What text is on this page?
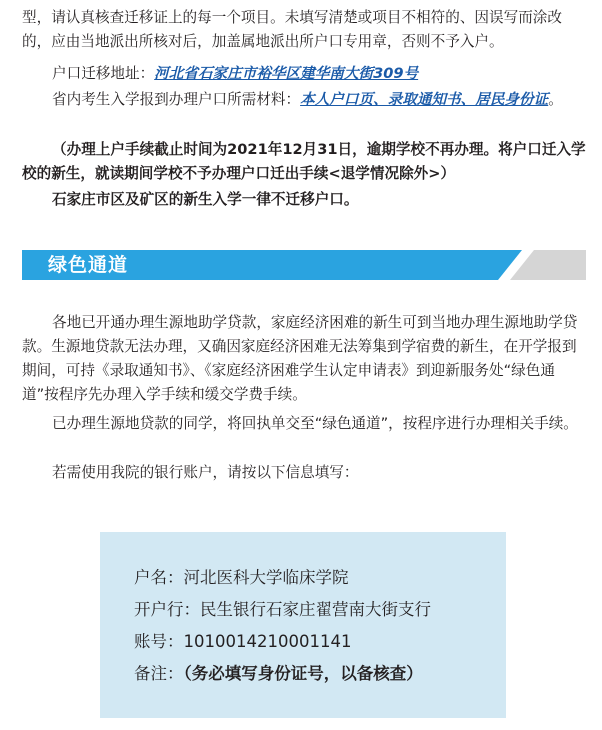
型，请认真核查迁移证上的每一个项目。未填写清楚或项目不相符的、因误写而涂改的，应由当地派出所核对后，加盖属地派出所户口专用章，否则不予入户。

户口迁移地址：河北省石家庄市裕华区建华南大街309号

省内考生入学报到办理户口所需材料：本人户口页、录取通知书、居民身份证。

（办理上户手续截止时间为2021年12月31日，逾期学校不再办理。将户口迁入学校的新生，就读期间学校不予办理户口迁出手续<退学情况除外>）

石家庄市区及矿区的新生入学一律不迁移户口。

绿色通道

各地已开通办理生源地助学贷款，家庭经济困难的新生可到当地办理生源地助学贷款。生源地贷款无法办理，又确因家庭经济困难无法筹集到学宿费的新生，在开学报到期间，可持《录取通知书》、《家庭经济困难学生认定申请表》到迎新服务处“绿色通道”按程序先办理入学手续和缓交学费手续。

已办理生源地贷款的同学，将回执单交至“绿色通道”，按程序进行办理相关手续。

若需使用我院的银行账户，请按以下信息填写：

户名：河北医科大学临床学院
开户行：民生银行石家庄翟营南大街支行
账号：1010014210001141
备注：（务必填写身份证号，以备核查）
